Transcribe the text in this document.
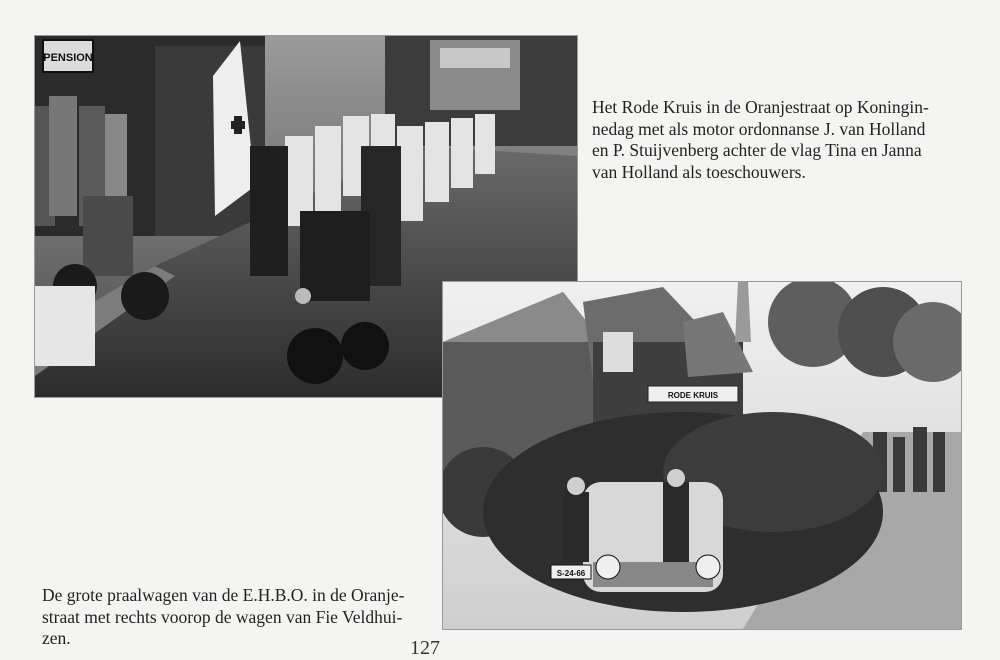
PENSION
Het Rode Kruis in de Oranjestraat op Koningin-
nedag met als motor ordonnanse J. van Holland
en P. Stuijvenberg achter de vlag Tina en Janna
van Holland als toeschouwers.
RODE KRUIS
S-24-66
De grote praalwagen van de E.H.B.O. in de Oranje-
straat met rechts voorop de wagen van Fie Veldhui-
zen.	127
